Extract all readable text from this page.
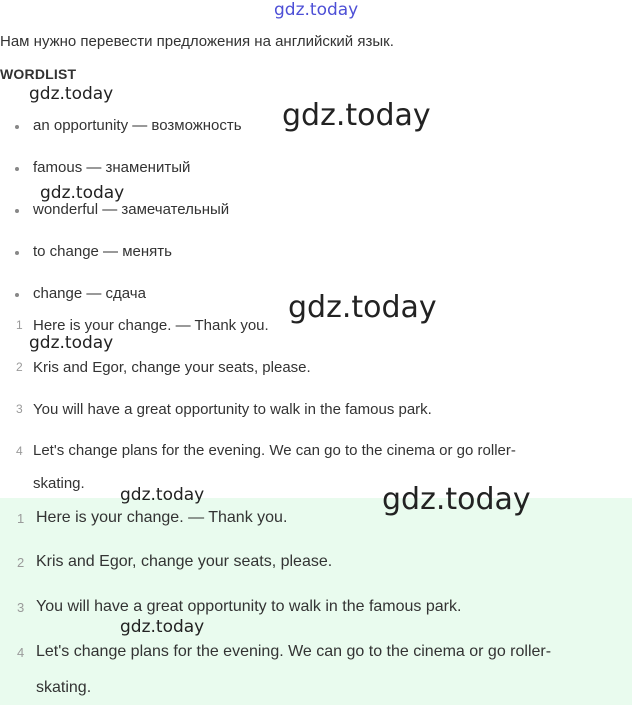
gdz.today
Нам нужно перевести предложения на английский язык.
WORDLIST
an opportunity — возможность
famous — знаменитый
wonderful — замечательный
to change — менять
change — сдача
1 Here is your change. — Thank you.
2 Kris and Egor, change your seats, please.
3 You will have a great opportunity to walk in the famous park.
4 Let's change plans for the evening. We can go to the cinema or go roller-
skating.
1 Here is your change. — Thank you.
2 Kris and Egor, change your seats, please.
3 You will have a great opportunity to walk in the famous park.
4 Let's change plans for the evening. We can go to the cinema or go roller-
skating.
gdz.today
gdz.today
gdz.today
gdz.today
gdz.today
gdz.today	gdz.today
gdz.today
